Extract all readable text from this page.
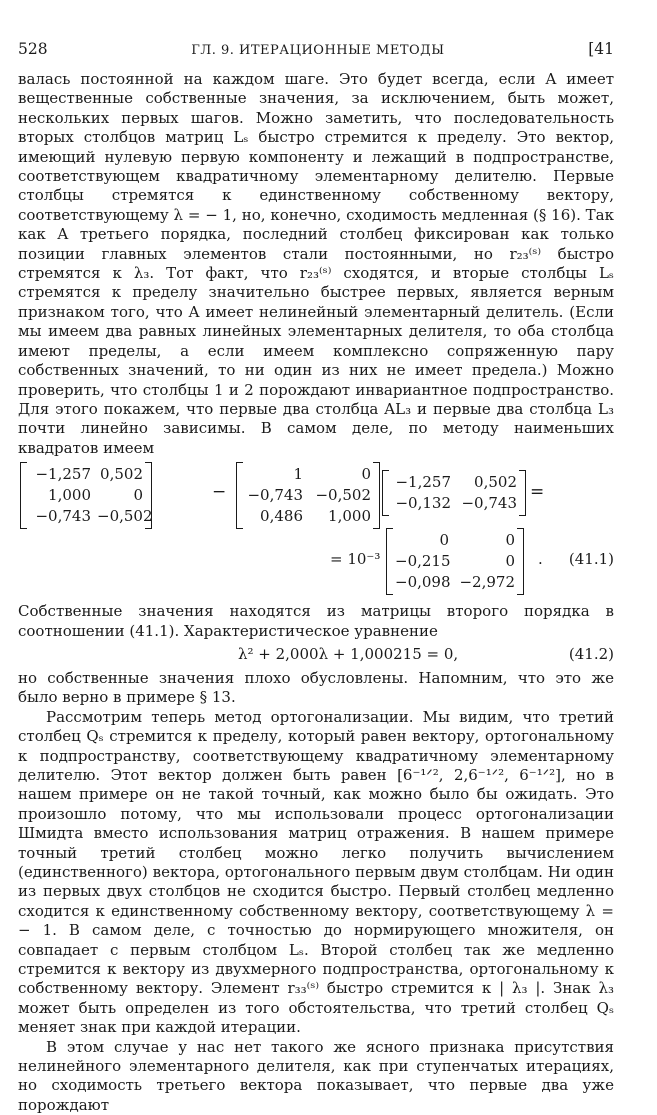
528	ГЛ. 9. ИТЕРАЦИОННЫЕ МЕТОДЫ	[41

валась постоянной на каждом шаге. Это будет всегда, если A имеет вещественные собственные значения, за исключением, быть может, нескольких первых шагов. Можно заметить, что последовательность вторых столбцов матриц Lₛ быстро стремится к пределу. Это вектор, имеющий нулевую первую компоненту и лежащий в подпространстве, соответствующем квадратичному элементарному делителю. Первые столбцы стремятся к единственному собственному вектору, соответствующему λ = − 1, но, конечно, сходимость медленная (§ 16). Так как A третьего порядка, последний столбец фиксирован как только позиции главных элементов стали постоянными, но r₂₃⁽ˢ⁾ быстро стремятся к λ₃. Тот факт, что r₂₃⁽ˢ⁾ сходятся, и вторые столбцы Lₛ стремятся к пределу значительно быстрее первых, является верным признаком того, что A имеет нелинейный элементарный делитель. (Если мы имеем два равных линейных элементарных делителя, то оба столбца имеют пределы, а если имеем комплексно сопряженную пару собственных значений, то ни один из них не имеет предела.) Можно проверить, что столбцы 1 и 2 порождают инвариантное подпространство. Для этого покажем, что первые два столбца AL₃ и первые два столбца L₃ почти линейно зависимы. В самом деле, по методу наименьших квадратов имеем

−1,257 0,502
1,000	0
−0,743 −0,502
−
1	0
−0,743 −0,502
0,486	1,000
−1,257	0,502
−0,132 −0,743
=
= 10⁻³
0	0
−0,215	0
−0,098 −2,972
. (41.1)

Собственные значения находятся из матрицы второго порядка в соотношении (41.1). Характеристическое уравнение

λ² + 2,000λ + 1,000215 = 0,	(41.2)

но собственные значения плохо обусловлены. Напомним, что это же было верно в примере § 13.

Рассмотрим теперь метод ортогонализации. Мы видим, что третий столбец Qₛ стремится к пределу, который равен вектору, ортогональному к подпространству, соответствующему квадратичному элементарному делителю. Этот вектор должен быть равен [6⁻¹ᐟ², 2,6⁻¹ᐟ², 6⁻¹ᐟ²], но в нашем примере он не такой точный, как можно было бы ожидать. Это произошло потому, что мы использовали процесс ортогонализации Шмидта вместо использования матриц отражения. В нашем примере точный третий столбец можно легко получить вычислением (единственного) вектора, ортогонального первым двум столбцам. Ни один из первых двух столбцов не сходится быстро. Первый столбец медленно сходится к единственному собственному вектору, соответствующему λ = − 1. В самом деле, с точностью до нормирующего множителя, он совпадает с первым столбцом Lₛ. Второй столбец так же медленно стремится к вектору из двухмерного подпространства, ортогональному к собственному вектору. Элемент r₃₃⁽ˢ⁾ быстро стремится к | λ₃ |. Знак λ₃ может быть определен из того обстоятельства, что третий столбец Qₛ меняет знак при каждой итерации.

В этом случае у нас нет такого же ясного признака присутствия нелинейного элементарного делителя, как при ступенчатых итерациях, но сходимость третьего вектора показывает, что первые два уже порождают
